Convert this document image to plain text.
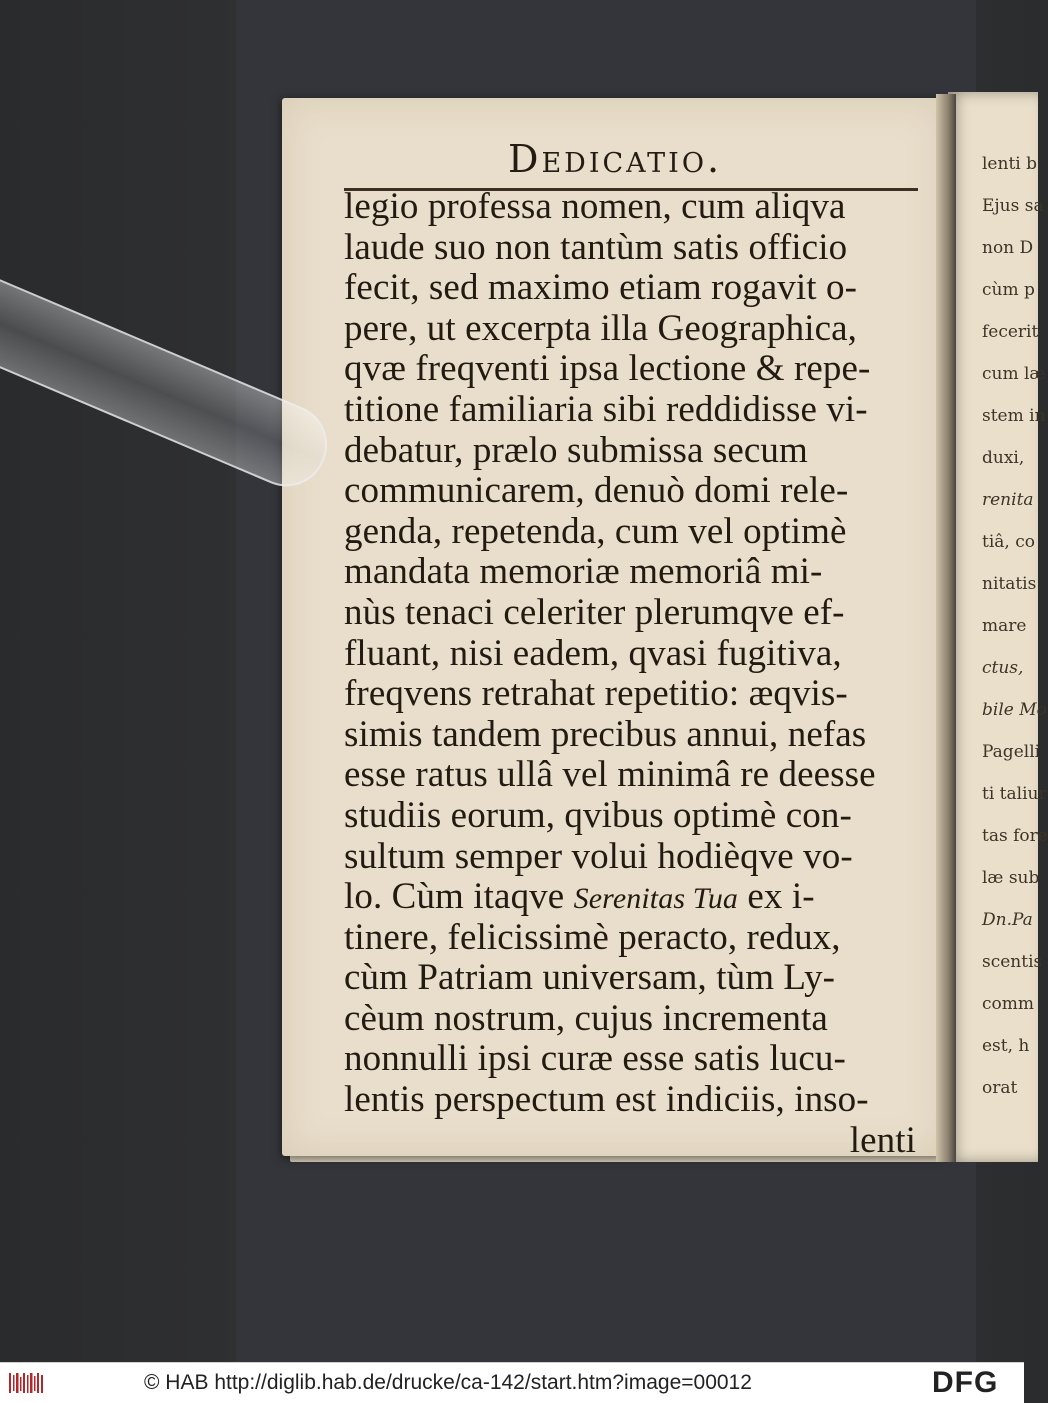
lenti b
Ejus sa
non D
cùm p
fecerit
cum læ
stem in
duxi,
renita
tiâ, co
nitatis
mare
ctus,
bile Mo
Pagelli
ti taliur
tas fore
læ sub
Dn.Pa
scentis
comm
est, h
orat
Dedicatio.
legio professa nomen, cum aliqva
laude suo non tantùm satis officio
fecit, sed maximo etiam rogavit o-
pere, ut excerpta illa Geographica,
qvæ freqventi ipsa lectione & repe-
titione familiaria sibi reddidisse vi-
debatur, prælo submissa secum
communicarem, denuò domi rele-
genda, repetenda, cum vel optimè
mandata memoriæ memoriâ mi-
nùs tenaci celeriter plerumqve ef-
fluant, nisi eadem, qvasi fugitiva,
freqvens retrahat repetitio: æqvis-
simis tandem precibus annui, nefas
esse ratus ullâ vel minimâ re deesse
studiis eorum, qvibus optimè con-
sultum semper volui hodièqve vo-
lo. Cùm itaqve Serenitas Tua ex i-
tinere, felicissimè peracto, redux,
cùm Patriam universam, tùm Ly-
cèum nostrum, cujus incrementa
nonnulli ipsi curæ esse satis lucu-
lentis perspectum est indiciis, inso-
lenti
© HAB http://diglib.hab.de/drucke/ca-142/start.htm?image=00012	DFG
